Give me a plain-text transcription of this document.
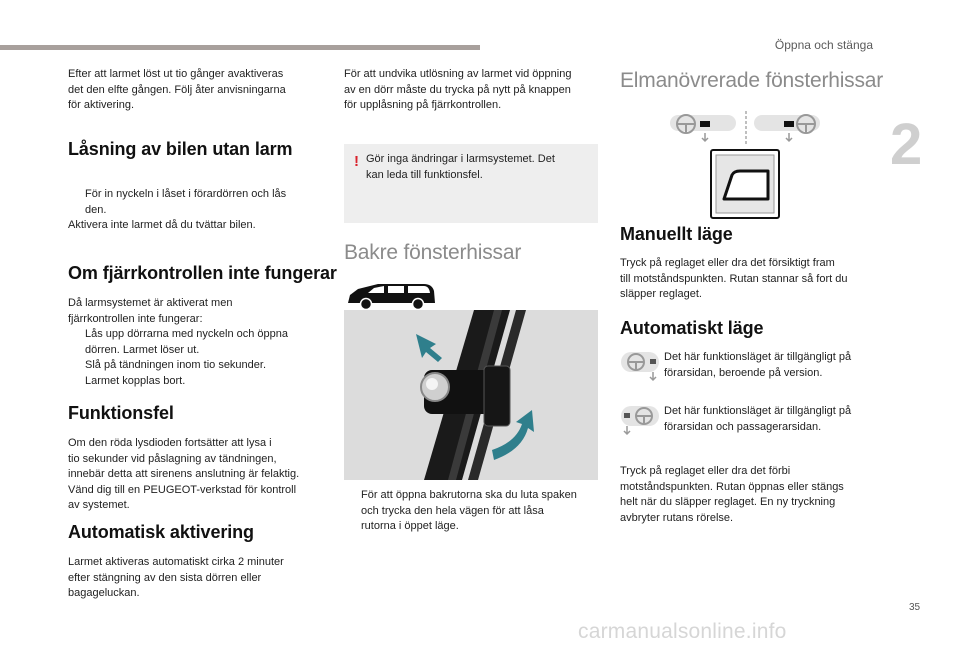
Öppna och stänga
2

Efter att larmet löst ut tio gånger avaktiveras

det den elfte gången. Följ åter anvisningarna

för aktivering.

Låsning av bilen utan larm
För in nyckeln i låset i förardörren och lås
den.

Aktivera inte larmet då du tvättar bilen.

Om fjärrkontrollen inte fungerar

Då larmsystemet är aktiverat men

fjärrkontrollen inte fungerar:

Lås upp dörrarna med nyckeln och öppna
dörren. Larmet löser ut.
Slå på tändningen inom tio sekunder.
Larmet kopplas bort.
Funktionsfel

Om den röda lysdioden fortsätter att lysa i

tio sekunder vid påslagning av tändningen,

innebär detta att sirenens anslutning är felaktig.

Vänd dig till en PEUGEOT-verkstad för kontroll

av systemet.

Automatisk aktivering

Larmet aktiveras automatiskt cirka 2 minuter

efter stängning av den sista dörren eller

bagageluckan.

För att undvika utlösning av larmet vid öppning

av en dörr måste du trycka på nytt på knappen

för upplåsning på fjärrkontrollen.

! Gör inga ändringar i larmsystemet. Det

kan leda till funktionsfel.

Bakre fönsterhissar
För att öppna bakrutorna ska du luta spaken
och trycka den hela vägen för att låsa
rutorna i öppet läge.
Elmanövrerade fönsterhissar
Manuellt läge

Tryck på reglaget eller dra det försiktigt fram

till motståndspunkten. Rutan stannar så fort du

släpper reglaget.

Automatiskt läge

Det här funktionsläget är tillgängligt på

förarsidan, beroende på version.

Det här funktionsläget är tillgängligt på

förarsidan och passagerarsidan.

Tryck på reglaget eller dra det förbi

motståndspunkten. Rutan öppnas eller stängs

helt när du släpper reglaget. En ny tryckning

avbryter rutans rörelse.

35
carmanualsonline.info
